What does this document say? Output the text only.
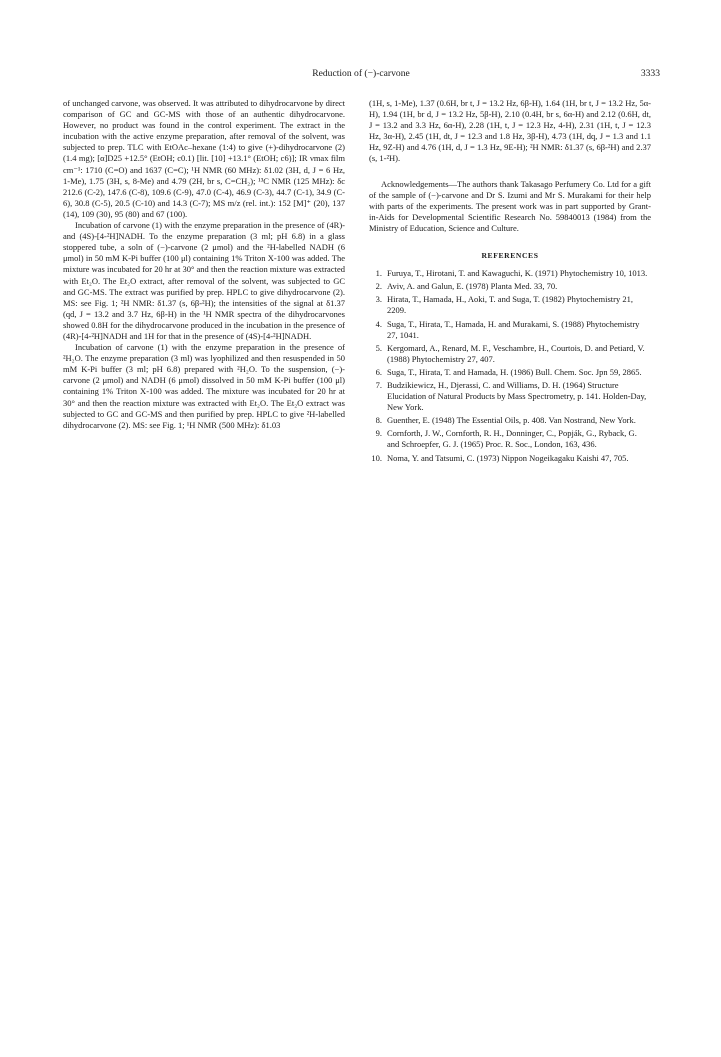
Reduction of (−)-carvone	3333

of unchanged carvone, was observed. It was attributed to dihydrocarvone by direct comparison of GC and GC-MS with those of an authentic dihydrocarvone. However, no product was found in the control experiment. The extract in the incubation with the active enzyme preparation, after removal of the solvent, was subjected to prep. TLC with EtOAc–hexane (1:4) to give (+)-dihydrocarvone (2) (1.4 mg); [α]D25 +12.5° (EtOH; c0.1) [lit. [10] +13.1° (EtOH; c6)]; IR νmax film cm⁻¹: 1710 (C=O) and 1637 (C=C); ¹H NMR (60 MHz): δ1.02 (3H, d, J = 6 Hz, 1-Me), 1.75 (3H, s, 8-Me) and 4.79 (2H, br s, C=CH₂); ¹³C NMR (125 MHz): δc 212.6 (C-2), 147.6 (C-8), 109.6 (C-9), 47.0 (C-4), 46.9 (C-3), 44.7 (C-1), 34.9 (C-6), 30.8 (C-5), 20.5 (C-10) and 14.3 (C-7); MS m/z (rel. int.): 152 [M]⁺ (20), 137 (14), 109 (30), 95 (80) and 67 (100).

Incubation of carvone (1) with the enzyme preparation in the presence of (4R)- and (4S)-[4-²H]NADH. To the enzyme preparation (3 ml; pH 6.8) in a glass stoppered tube, a soln of (−)-carvone (2 μmol) and the ²H-labelled NADH (6 μmol) in 50 mM K-Pi buffer (100 μl) containing 1% Triton X-100 was added. The mixture was incubated for 20 hr at 30° and then the reaction mixture was extracted with Et₂O. The Et₂O extract, after removal of the solvent, was subjected to GC and GC-MS. The extract was purified by prep. HPLC to give dihydrocarvone (2). MS: see Fig. 1; ²H NMR: δ1.37 (s, 6β-²H); the intensities of the signal at δ1.37 (qd, J = 13.2 and 3.7 Hz, 6β-H) in the ¹H NMR spectra of the dihydrocarvones showed 0.8H for the dihydrocarvone produced in the incubation in the presence of (4R)-[4-²H]NADH and 1H for that in the presence of (4S)-[4-²H]NADH.

Incubation of carvone (1) with the enzyme preparation in the presence of ²H₂O. The enzyme preparation (3 ml) was lyophilized and then resuspended in 50 mM K-Pi buffer (3 ml; pH 6.8) prepared with ²H₂O. To the suspension, (−)-carvone (2 μmol) and NADH (6 μmol) dissolved in 50 mM K-Pi buffer (100 μl) containing 1% Triton X-100 was added. The mixture was incubated for 20 hr at 30° and then the reaction mixture was extracted with Et₂O. The Et₂O extract was subjected to GC and GC-MS and then purified by prep. HPLC to give ²H-labelled dihydrocarvone (2). MS: see Fig. 1; ¹H NMR (500 MHz): δ1.03

(1H, s, 1-Me), 1.37 (0.6H, br t, J = 13.2 Hz, 6β-H), 1.64 (1H, br t, J = 13.2 Hz, 5α-H), 1.94 (1H, br d, J = 13.2 Hz, 5β-H), 2.10 (0.4H, br s, 6α-H) and 2.12 (0.6H, dt, J = 13.2 and 3.3 Hz, 6α-H), 2.28 (1H, t, J = 12.3 Hz, 4-H), 2.31 (1H, t, J = 12.3 Hz, 3α-H), 2.45 (1H, dt, J = 12.3 and 1.8 Hz, 3β-H), 4.73 (1H, dq, J = 1.3 and 1.1 Hz, 9Z-H) and 4.76 (1H, d, J = 1.3 Hz, 9E-H); ²H NMR: δ1.37 (s, 6β-²H) and 2.37 (s, 1-²H).

Acknowledgements—The authors thank Takasago Perfumery Co. Ltd for a gift of the sample of (−)-carvone and Dr S. Izumi and Mr S. Murakami for their help with parts of the experiments. The present work was in part supported by Grant-in-Aids for Developmental Scientific Research No. 59840013 (1984) from the Ministry of Education, Science and Culture.

REFERENCES
1. Furuya, T., Hirotani, T. and Kawaguchi, K. (1971) Phytochemistry 10, 1013.
2. Aviv, A. and Galun, E. (1978) Planta Med. 33, 70.
3. Hirata, T., Hamada, H., Aoki, T. and Suga, T. (1982) Phytochemistry 21, 2209.
4. Suga, T., Hirata, T., Hamada, H. and Murakami, S. (1988) Phytochemistry 27, 1041.
5. Kergomard, A., Renard, M. F., Veschambre, H., Courtois, D. and Petiard, V. (1988) Phytochemistry 27, 407.
6. Suga, T., Hirata, T. and Hamada, H. (1986) Bull. Chem. Soc. Jpn 59, 2865.
7. Budzikiewicz, H., Djerassi, C. and Williams, D. H. (1964) Structure Elucidation of Natural Products by Mass Spectrometry, p. 141. Holden-Day, New York.
8. Guenther, E. (1948) The Essential Oils, p. 408. Van Nostrand, New York.
9. Cornforth, J. W., Cornforth, R. H., Donninger, C., Popják, G., Ryback, G. and Schroepfer, G. J. (1965) Proc. R. Soc., London, 163, 436.
10. Noma, Y. and Tatsumi, C. (1973) Nippon Nogeikagaku Kaishi 47, 705.
